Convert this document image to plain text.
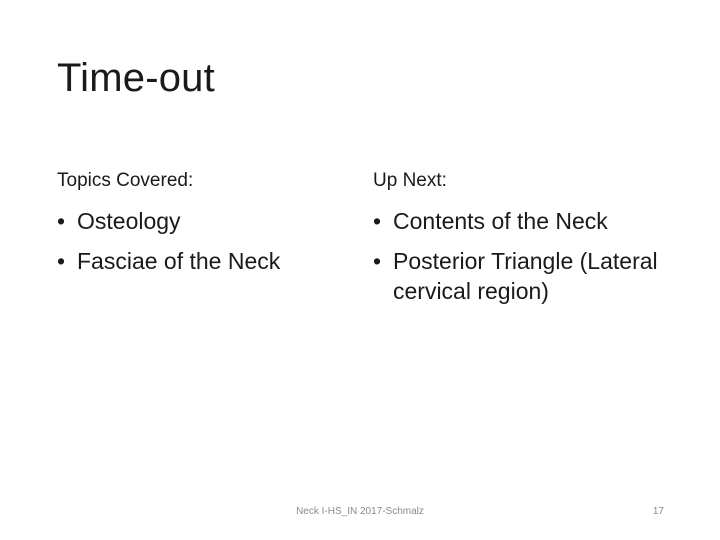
Time-out
Topics Covered:
• Osteology
• Fasciae of the Neck
Up Next:
• Contents of the Neck
• Posterior Triangle (Lateral cervical region)
Neck I-HS_IN 2017-Schmalz	17
